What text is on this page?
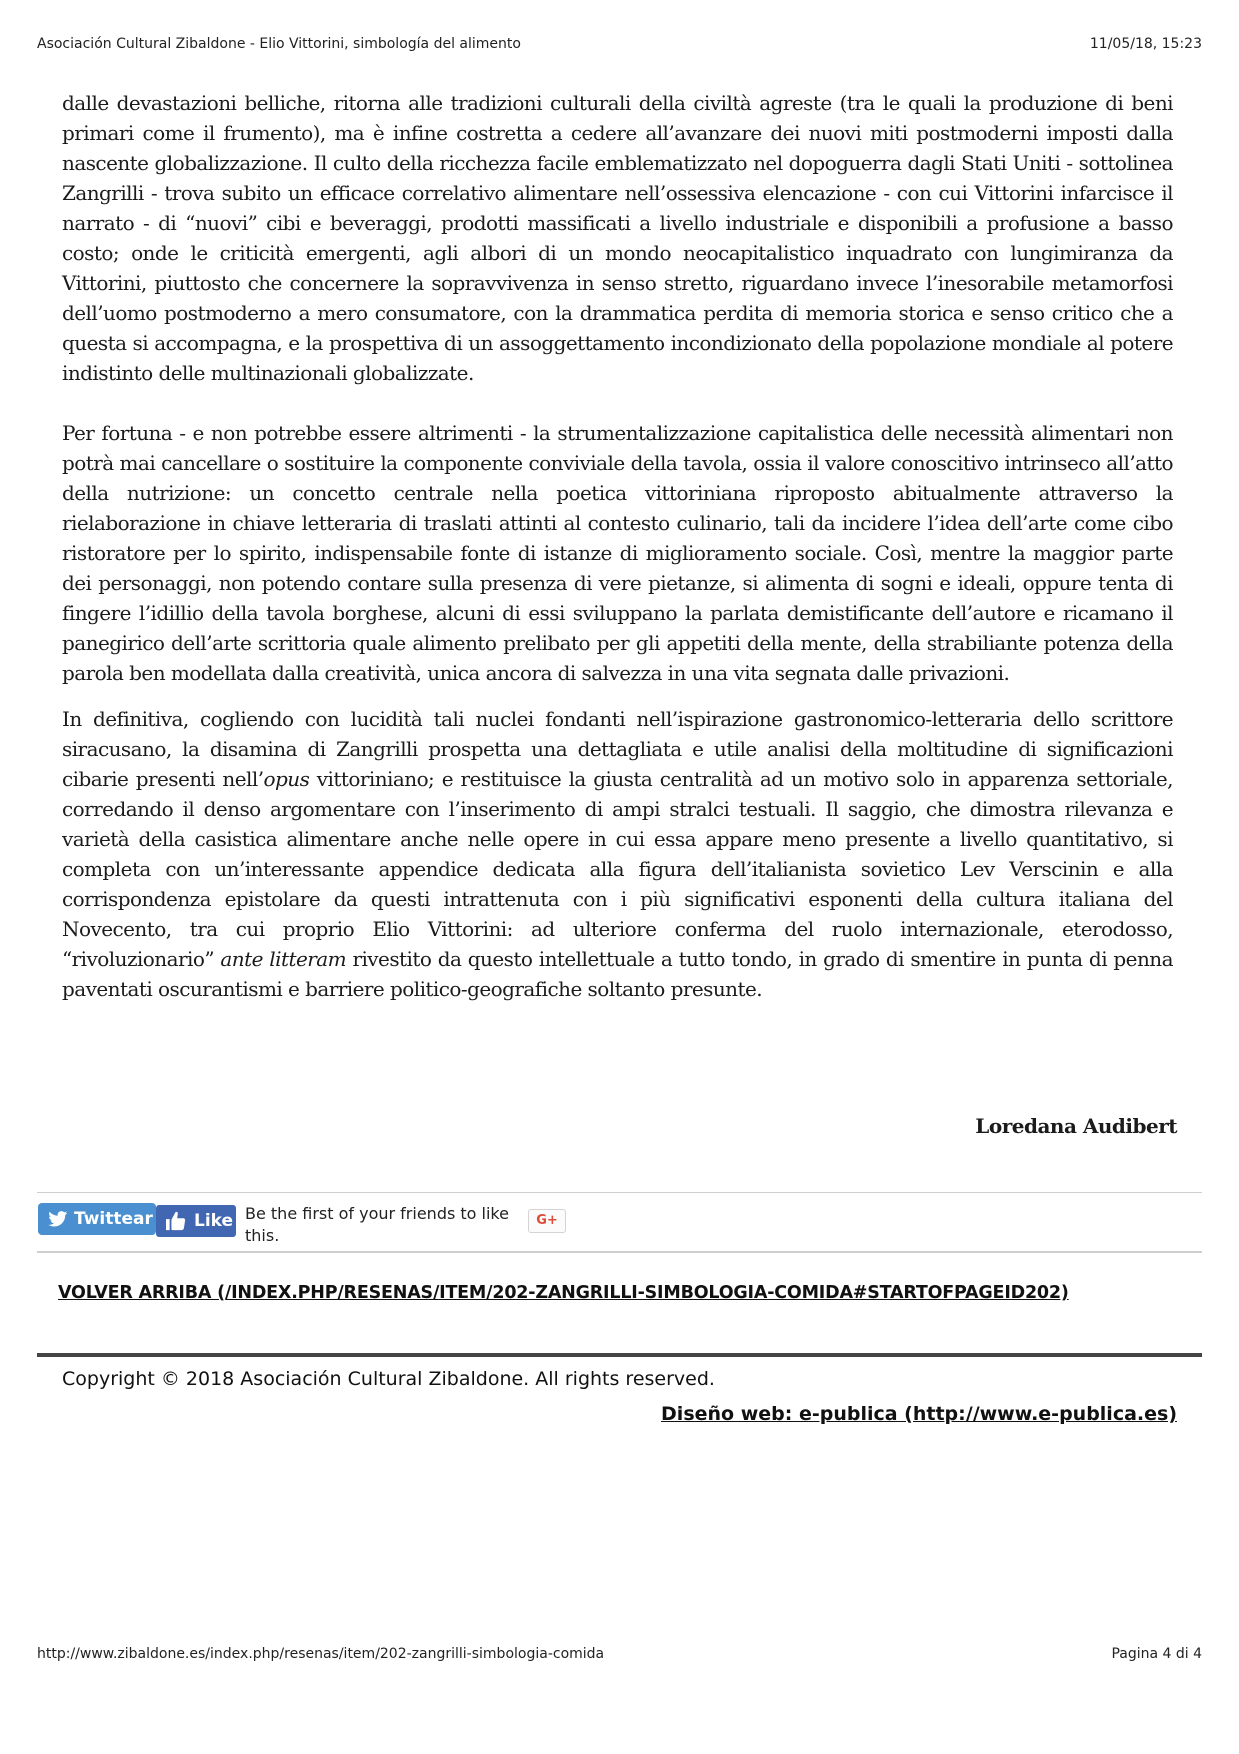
Asociación Cultural Zibaldone - Elio Vittorini, simbología del alimento	11/05/18, 15:23

dalle devastazioni belliche, ritorna alle tradizioni culturali della civiltà agreste (tra le quali la produzione di beni primari come il frumento), ma è infine costretta a cedere all’avanzare dei nuovi miti postmoderni imposti dalla nascente globalizzazione. Il culto della ricchezza facile emblematizzato nel dopoguerra dagli Stati Uniti - sottolinea Zangrilli - trova subito un efficace correlativo alimentare nell’ossessiva elencazione - con cui Vittorini infarcisce il narrato - di “nuovi” cibi e beveraggi, prodotti massificati a livello industriale e disponibili a profusione a basso costo; onde le criticità emergenti, agli albori di un mondo neocapitalistico inquadrato con lungimiranza da Vittorini, piuttosto che concernere la sopravvivenza in senso stretto, riguardano invece l’inesorabile metamorfosi dell’uomo postmoderno a mero consumatore, con la drammatica perdita di memoria storica e senso critico che a questa si accompagna, e la prospettiva di un assoggettamento incondizionato della popolazione mondiale al potere indistinto delle multinazionali globalizzate.

Per fortuna - e non potrebbe essere altrimenti - la strumentalizzazione capitalistica delle necessità alimentari non potrà mai cancellare o sostituire la componente conviviale della tavola, ossia il valore conoscitivo intrinseco all’atto della nutrizione: un concetto centrale nella poetica vittoriniana riproposto abitualmente attraverso la rielaborazione in chiave letteraria di traslati attinti al contesto culinario, tali da incidere l’idea dell’arte come cibo ristoratore per lo spirito, indispensabile fonte di istanze di miglioramento sociale. Così, mentre la maggior parte dei personaggi, non potendo contare sulla presenza di vere pietanze, si alimenta di sogni e ideali, oppure tenta di fingere l’idillio della tavola borghese, alcuni di essi sviluppano la parlata demistificante dell’autore e ricamano il panegirico dell’arte scrittoria quale alimento prelibato per gli appetiti della mente, della strabiliante potenza della parola ben modellata dalla creatività, unica ancora di salvezza in una vita segnata dalle privazioni.

In definitiva, cogliendo con lucidità tali nuclei fondanti nell’ispirazione gastronomico-letteraria dello scrittore siracusano, la disamina di Zangrilli prospetta una dettagliata e utile analisi della moltitudine di significazioni cibarie presenti nell’opus vittoriniano; e restituisce la giusta centralità ad un motivo solo in apparenza settoriale, corredando il denso argomentare con l’inserimento di ampi stralci testuali. Il saggio, che dimostra rilevanza e varietà della casistica alimentare anche nelle opere in cui essa appare meno presente a livello quantitativo, si completa con un’interessante appendice dedicata alla figura dell’italianista sovietico Lev Verscinin e alla corrispondenza epistolare da questi intrattenuta con i più significativi esponenti della cultura italiana del Novecento, tra cui proprio Elio Vittorini: ad ulteriore conferma del ruolo internazionale, eterodosso, “rivoluzionario” ante litteram rivestito da questo intellettuale a tutto tondo, in grado di smentire in punta di penna paventati oscurantismi e barriere politico-geografiche soltanto presunte.

Loredana Audibert
Twittear	Like Be the first of your friends to like this.
G+
VOLVER ARRIBA (/INDEX.PHP/RESENAS/ITEM/202-ZANGRILLI-SIMBOLOGIA-COMIDA#STARTOFPAGEID202)
Copyright © 2018 Asociación Cultural Zibaldone. All rights reserved.
Diseño web: e-publica (http://www.e-publica.es)
http://www.zibaldone.es/index.php/resenas/item/202-zangrilli-simbologia-comida	Pagina 4 di 4
